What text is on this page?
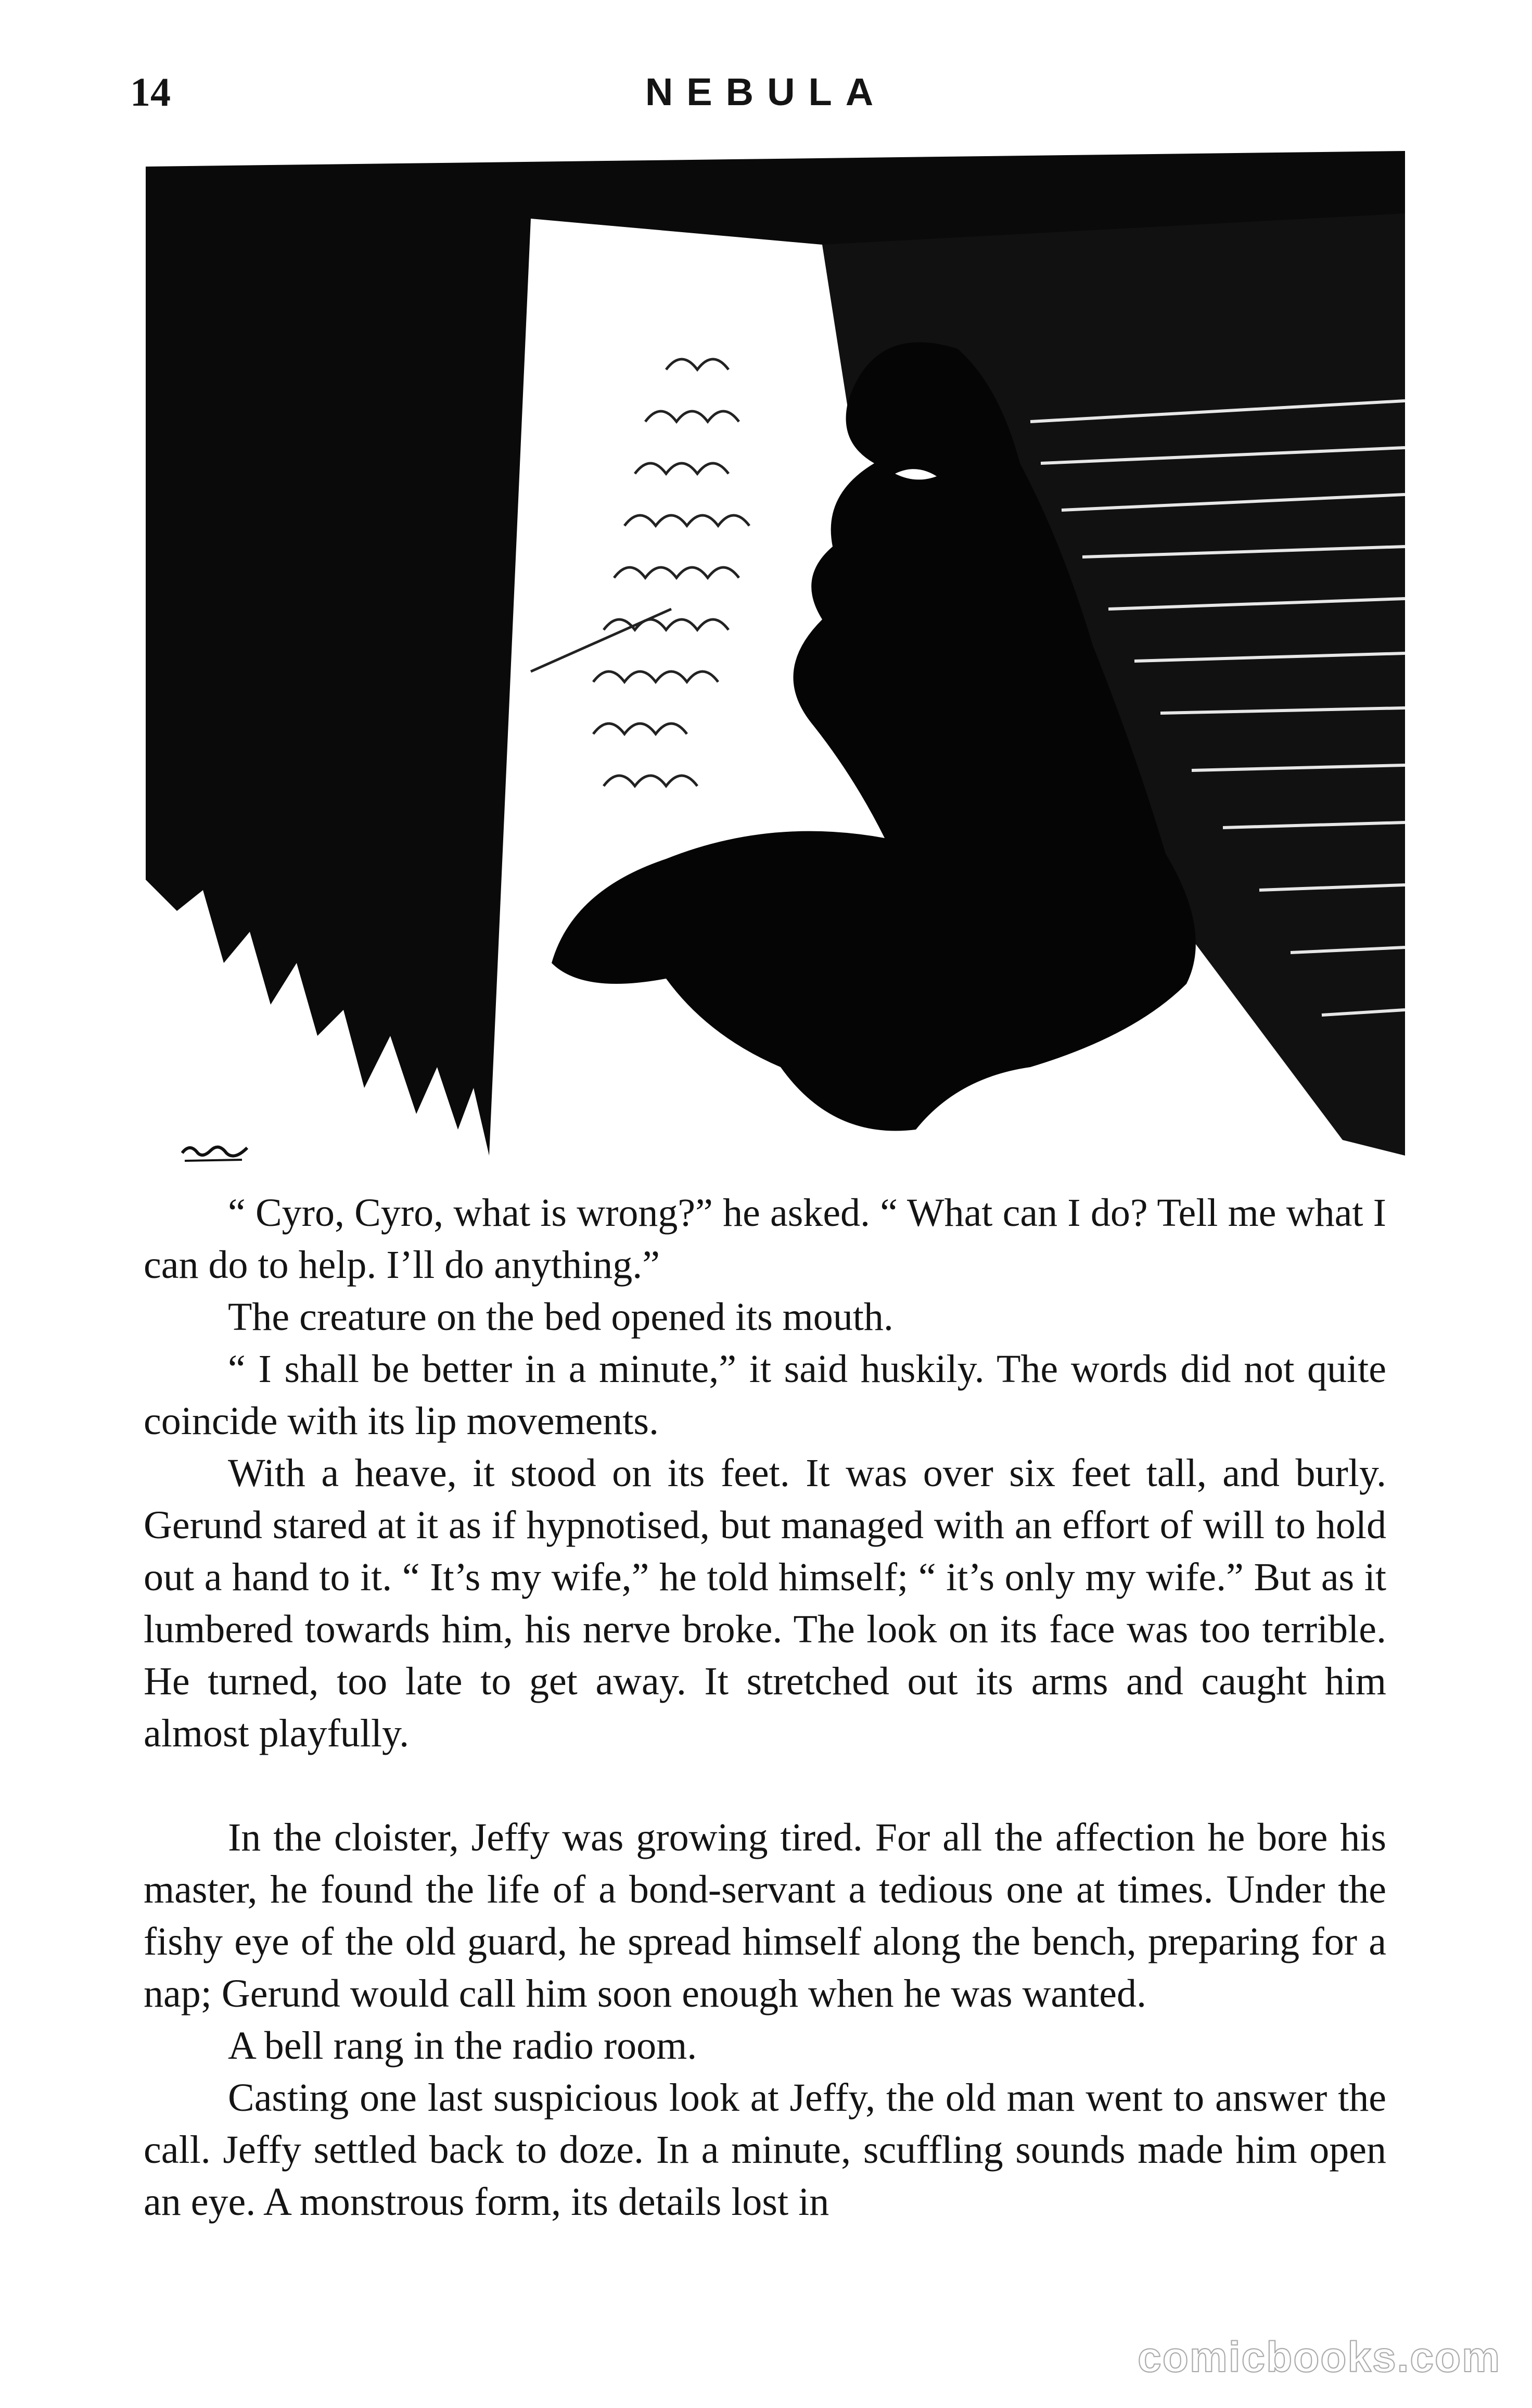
14	NEBULA

“ Cyro, Cyro, what is wrong?” he asked. “ What can I do? Tell me what I can do to help. I’ll do anything.”

The creature on the bed opened its mouth.

“ I shall be better in a minute,” it said huskily. The words did not quite coincide with its lip movements.

With a heave, it stood on its feet. It was over six feet tall, and burly. Gerund stared at it as if hypnotised, but managed with an effort of will to hold out a hand to it. “ It’s my wife,” he told himself; “ it’s only my wife.” But as it lumbered towards him, his nerve broke. The look on its face was too terrible. He turned, too late to get away. It stretched out its arms and caught him almost playfully.

In the cloister, Jeffy was growing tired. For all the affection he bore his master, he found the life of a bond-servant a tedious one at times. Under the fishy eye of the old guard, he spread himself along the bench, preparing for a nap; Gerund would call him soon enough when he was wanted.

A bell rang in the radio room.

Casting one last suspicious look at Jeffy, the old man went to answer the call. Jeffy settled back to doze. In a minute, scuffling sounds made him open an eye. A monstrous form, its details lost in

comicbooks.com
